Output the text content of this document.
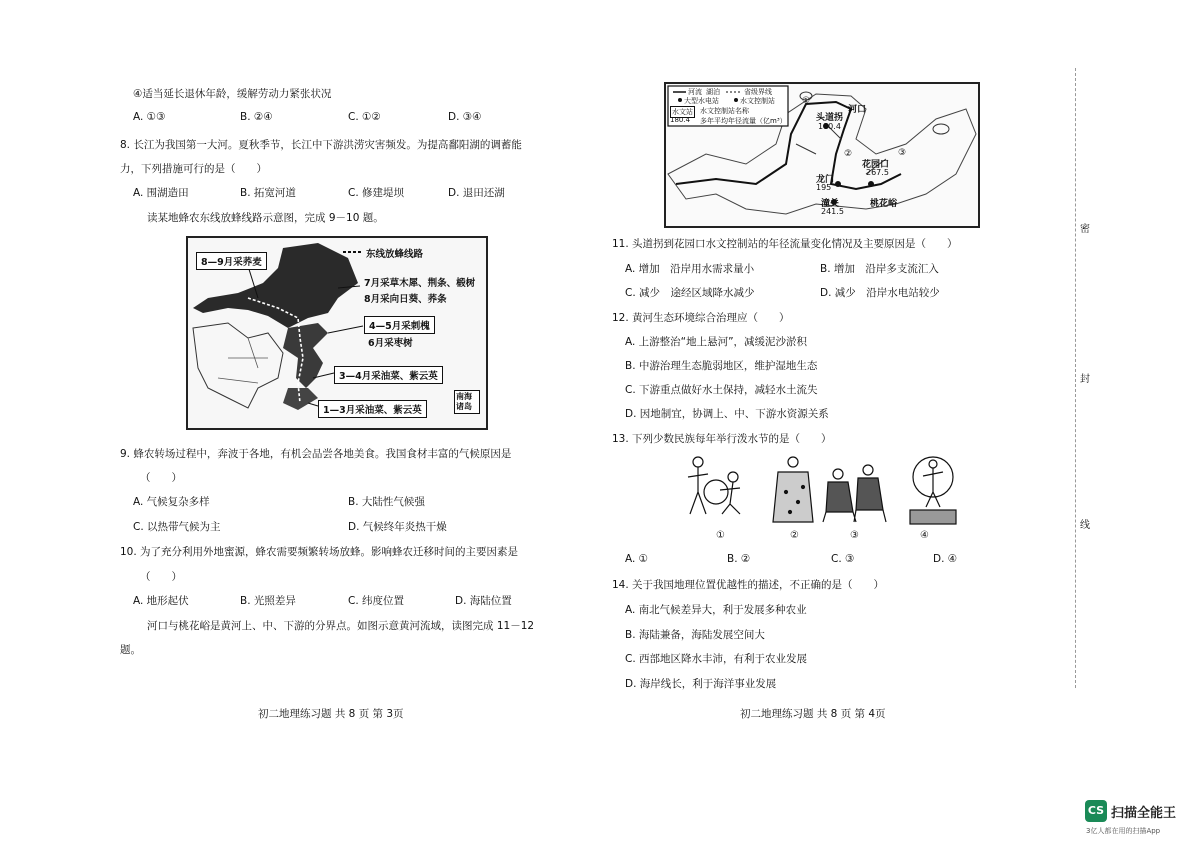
④适当延长退休年龄，缓解劳动力紧张状况
A. ①③	B. ②④	C. ①②	D. ③④
8. 长江为我国第一大河。夏秋季节，长江中下游洪涝灾害频发。为提高鄱阳湖的调蓄能
力，下列措施可行的是（　　）
A. 围湖造田	B. 拓宽河道	C. 修建堤坝	D. 退田还湖
读某地蜂农东线放蜂线路示意图，完成 9－10 题。
东线放蜂线路
8—9月采荞麦
7月采草木犀、荆条、椴树
8月采向日葵、荞条
4—5月采刺槐
6月采枣树
3—4月采油菜、紫云英
1—3月采油菜、紫云英
南海诸岛
9. 蜂农转场过程中，奔波于各地，有机会品尝各地美食。我国食材丰富的气候原因是
（　　）
A. 气候复杂多样	B. 大陆性气候强
C. 以热带气候为主	D. 气候终年炎热干燥
10. 为了充分利用外地蜜源，蜂农需要频繁转场放蜂。影响蜂农迁移时间的主要因素是
（　　）
A. 地形起伏	B. 光照差异	C. 纬度位置	D. 海陆位置
河口与桃花峪是黄河上、中、下游的分界点。如图示意黄河流域，读图完成 11－12
题。
初二地理练习题 共 8 页 第 3页
河流 湖泊	省级界线
大型水电站	水文控制站
水文站
180.4
水文控制站名称
多年平均年径流量（亿m³）	头道拐
180.4
河口
龙门
195
潼关
241.5
花园口
267.5
桃花峪
①
②	③
11. 头道拐到花园口水文控制站的年径流量变化情况及主要原因是（　　）
A. 增加　沿岸用水需求量小	B. 增加　沿岸多支流汇入
C. 减少　途经区域降水减少	D. 减少　沿岸水电站较少
12. 黄河生态环境综合治理应（　　）
A. 上游整治“地上悬河”，减缓泥沙淤积
B. 中游治理生态脆弱地区，维护湿地生态
C. 下游重点做好水土保持，减轻水土流失
D. 因地制宜，协调上、中、下游水资源关系
13. 下列少数民族每年举行泼水节的是（　　）
①	②	③	④
A. ①	B. ②	C. ③	D. ④
14. 关于我国地理位置优越性的描述，不正确的是（　　）
A. 南北气候差异大，利于发展多种农业
B. 海陆兼备，海陆发展空间大
C. 西部地区降水丰沛，有利于农业发展
D. 海岸线长，利于海洋事业发展
初二地理练习题 共 8 页 第 4页
密
封
线
CS 扫描全能王
3亿人都在用的扫描App
